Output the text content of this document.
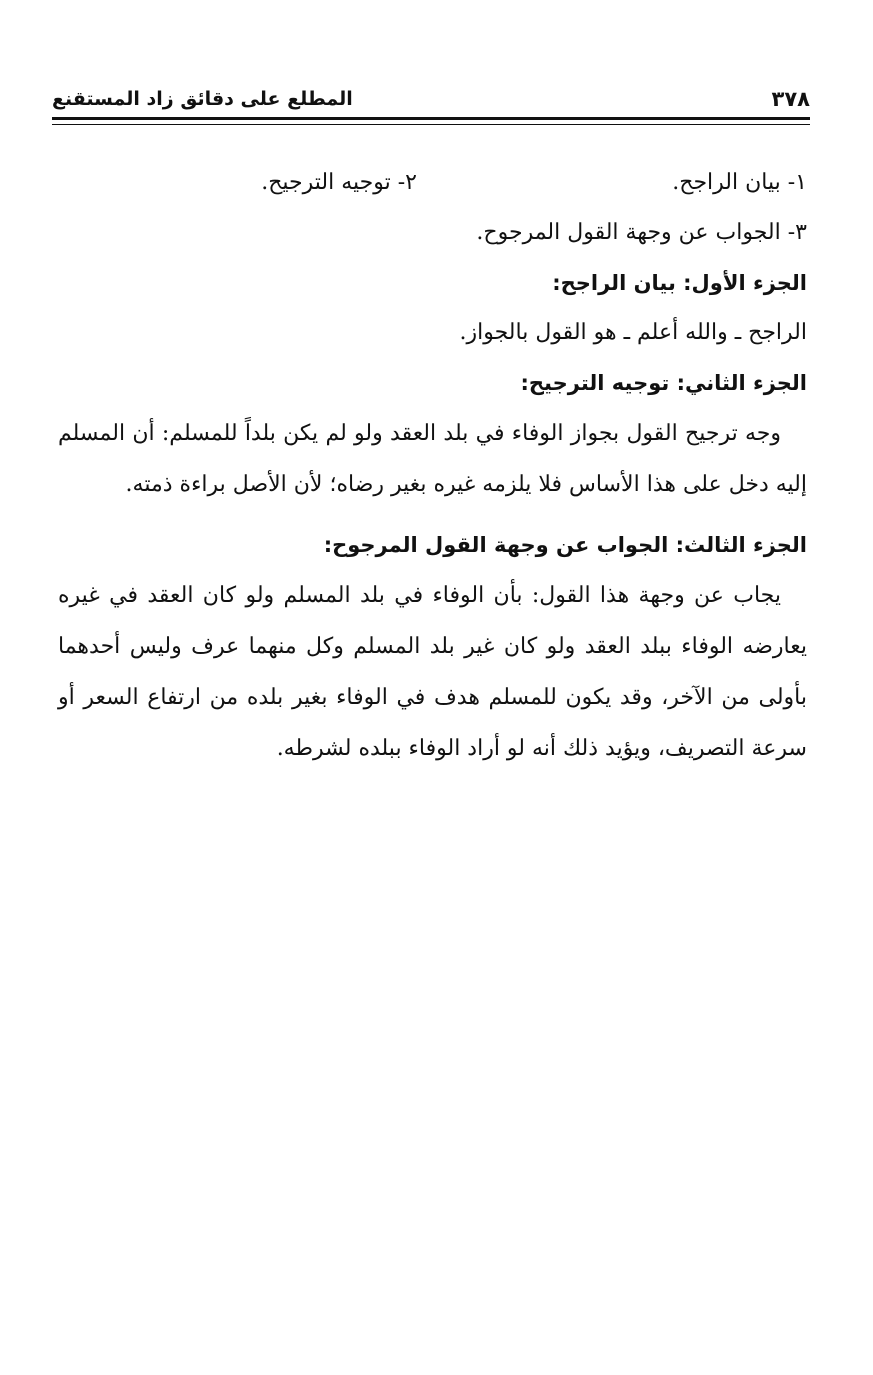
٣٧٨
المطلع على دقائق زاد المستقنع
١- بيان الراجح.
٢- توجيه الترجيح.
٣- الجواب عن وجهة القول المرجوح.
الجزء الأول: بيان الراجح:
الراجح ـ والله أعلم ـ هو القول بالجواز.
الجزء الثاني: توجيه الترجيح:
وجه ترجيح القول بجواز الوفاء في بلد العقد ولو لم يكن بلداً للمسلم: أن المسلم إليه دخل على هذا الأساس فلا يلزمه غيره بغير رضاه؛ لأن الأصل براءة ذمته.
الجزء الثالث: الجواب عن وجهة القول المرجوح:
يجاب عن وجهة هذا القول: بأن الوفاء في بلد المسلم ولو كان العقد في غيره يعارضه الوفاء ببلد العقد ولو كان غير بلد المسلم وكل منهما عرف وليس أحدهما بأولى من الآخر، وقد يكون للمسلم هدف في الوفاء بغير بلده من ارتفاع السعر أو سرعة التصريف، ويؤيد ذلك أنه لو أراد الوفاء ببلده لشرطه.
